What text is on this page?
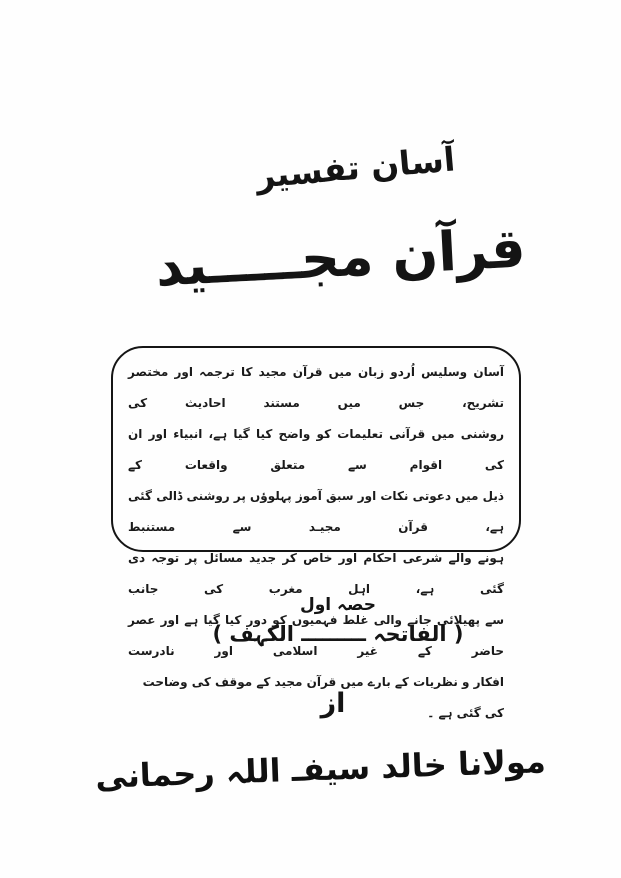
آسان تفسیر
قرآن مجـــــید
آسان وسلیس اُردو زبان میں قرآن مجید کا ترجمہ اور مختصر تشریح، جس میں مستند احادیث کی
روشنی میں قرآنی تعلیمات کو واضح کیا گیا ہے، انبیاء اور ان کی اقوام سے متعلق واقعات کے
ذیل میں دعوتی نکات اور سبق آموز پہلوؤں پر روشنی ڈالی گئی ہے، قرآن مجیـد سے مستنبط
ہونے والے شرعی احکام اور خاص کر جدید مسائل پر توجہ دی گئی ہے، اہل مغرب کی جانب
سے پھیلائی جانے والی غلط فہمیوں کو دور کیا گیا ہے اور عصر حاضر کے غیر اسلامی اور نادرست
افکار و نظریات کے بارے میں قرآن مجید کے موقف کی وضاحت کی گئی ہے ۔
حصہ اول
( الفاتحہ ـــــــــ الکہف )
از
مولانا خالد سیفـ اللہ رحمانی
